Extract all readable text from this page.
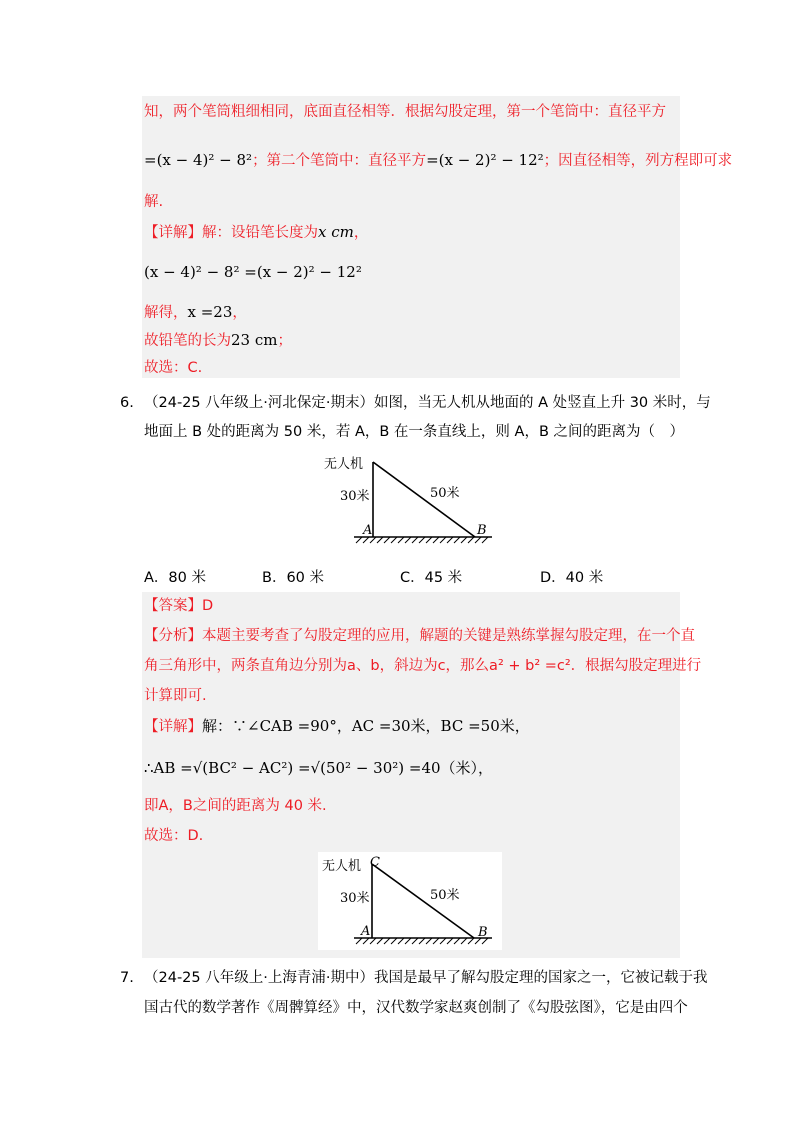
知，两个笔筒粗细相同，底面直径相等．根据勾股定理，第一个笔筒中：直径平方
=(x − 4)² − 8²；第二个笔筒中：直径平方=(x − 2)² − 12²；因直径相等，列方程即可求
解.
【详解】解：设铅笔长度为x cm，
(x − 4)² − 8² =(x − 2)² − 12²
解得，x =23，
故铅笔的长为23 cm；
故选：C.
6. （24-25 八年级上·河北保定·期末）如图，当无人机从地面的 A 处竖直上升 30 米时，与
地面上 B 处的距离为 50 米，若 A，B 在一条直线上，则 A，B 之间的距离为（　）
无人机
30米	50米
A	B
A．80 米	B．60 米	C．45 米	D．40 米
【答案】D
【分析】本题主要考查了勾股定理的应用，解题的关键是熟练掌握勾股定理，在一个直
角三角形中，两条直角边分别为a、b，斜边为c，那么a² + b² =c²．根据勾股定理进行
计算即可.
【详解】解：∵∠CAB =90°，AC =30米，BC =50米，
∴AB =√(BC² − AC²) =√(50² − 30²) =40（米），
即A，B之间的距离为 40 米.
故选：D.
无人机 C
30米	50米
A	B
7. （24-25 八年级上·上海青浦·期中）我国是最早了解勾股定理的国家之一，它被记载于我
国古代的数学著作《周髀算经》中，汉代数学家赵爽创制了《勾股弦图》，它是由四个
